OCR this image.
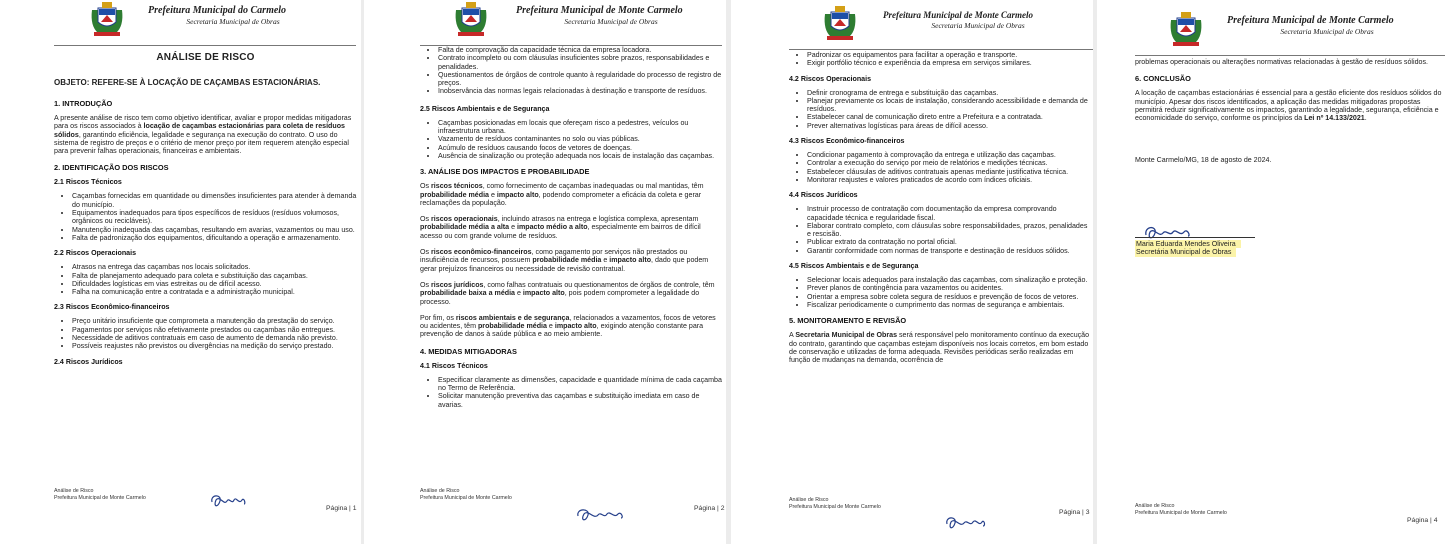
Prefeitura Municipal do Carmelo
Secretaria Municipal de Obras
ANÁLISE DE RISCO
OBJETO: REFERE-SE À LOCAÇÃO DE CAÇAMBAS ESTACIONÁRIAS.
1. INTRODUÇÃO

A presente análise de risco tem como objetivo identificar, avaliar e propor medidas mitigadoras para os riscos associados à locação de caçambas estacionárias para coleta de resíduos sólidos, garantindo eficiência, legalidade e segurança na execução do contrato. O uso do sistema de registro de preços e o critério de menor preço por item requerem atenção especial para prevenir falhas operacionais, financeiras e ambientais.

2. IDENTIFICAÇÃO DOS RISCOS
2.1 Riscos Técnicos
• Caçambas fornecidas em quantidade ou dimensões insuficientes para atender à demanda do município.
• Equipamentos inadequados para tipos específicos de resíduos (resíduos volumosos, orgânicos ou recicláveis).
• Manutenção inadequada das caçambas, resultando em avarias, vazamentos ou mau uso.
• Falta de padronização dos equipamentos, dificultando a operação e armazenamento.
2.2 Riscos Operacionais
• Atrasos na entrega das caçambas nos locais solicitados.
• Falta de planejamento adequado para coleta e substituição das caçambas.
• Dificuldades logísticas em vias estreitas ou de difícil acesso.
• Falha na comunicação entre a contratada e a administração municipal.
2.3 Riscos Econômico-financeiros
• Preço unitário insuficiente que comprometa a manutenção da prestação do serviço.
• Pagamentos por serviços não efetivamente prestados ou caçambas não entregues.
• Necessidade de aditivos contratuais em caso de aumento de demanda não previsto.
• Possíveis reajustes não previstos ou divergências na medição do serviço prestado.
2.4 Riscos Jurídicos
Análise de Risco
Prefeitura Municipal de Monte Carmelo
Página | 1
Prefeitura Municipal de Monte Carmelo
Secretaria Municipal de Obras
• Falta de comprovação da capacidade técnica da empresa locadora.
• Contrato incompleto ou com cláusulas insuficientes sobre prazos, responsabilidades e penalidades.
• Questionamentos de órgãos de controle quanto à regularidade do processo de registro de preços.
• Inobservância das normas legais relacionadas à destinação e transporte de resíduos.
2.5 Riscos Ambientais e de Segurança
• Caçambas posicionadas em locais que ofereçam risco a pedestres, veículos ou infraestrutura urbana.
• Vazamento de resíduos contaminantes no solo ou vias públicas.
• Acúmulo de resíduos causando focos de vetores de doenças.
• Ausência de sinalização ou proteção adequada nos locais de instalação das caçambas.
3. ANÁLISE DOS IMPACTOS E PROBABILIDADE

Os riscos técnicos, como fornecimento de caçambas inadequadas ou mal mantidas, têm probabilidade média e impacto alto, podendo comprometer a eficácia da coleta e gerar reclamações da população.

Os riscos operacionais, incluindo atrasos na entrega e logística complexa, apresentam probabilidade média a alta e impacto médio a alto, especialmente em bairros de difícil acesso ou com grande volume de resíduos.

Os riscos econômico-financeiros, como pagamento por serviços não prestados ou insuficiência de recursos, possuem probabilidade média e impacto alto, dado que podem gerar prejuízos financeiros ou necessidade de revisão contratual.

Os riscos jurídicos, como falhas contratuais ou questionamentos de órgãos de controle, têm probabilidade baixa a média e impacto alto, pois podem comprometer a legalidade do processo.

Por fim, os riscos ambientais e de segurança, relacionados a vazamentos, focos de vetores ou acidentes, têm probabilidade média e impacto alto, exigindo atenção constante para prevenção de danos à saúde pública e ao meio ambiente.

4. MEDIDAS MITIGADORAS
4.1 Riscos Técnicos
• Especificar claramente as dimensões, capacidade e quantidade mínima de cada caçamba no Termo de Referência.
• Solicitar manutenção preventiva das caçambas e substituição imediata em caso de avarias.
Análise de Risco
Prefeitura Municipal de Monte Carmelo
Página | 2
Prefeitura Municipal de Monte Carmelo
Secretaria Municipal de Obras
• Padronizar os equipamentos para facilitar a operação e transporte.
• Exigir portfólio técnico e experiência da empresa em serviços similares.
4.2 Riscos Operacionais
• Definir cronograma de entrega e substituição das caçambas.
• Planejar previamente os locais de instalação, considerando acessibilidade e demanda de resíduos.
• Estabelecer canal de comunicação direto entre a Prefeitura e a contratada.
• Prever alternativas logísticas para áreas de difícil acesso.
4.3 Riscos Econômico-financeiros
• Condicionar pagamento à comprovação da entrega e utilização das caçambas.
• Controlar a execução do serviço por meio de relatórios e medições técnicas.
• Estabelecer cláusulas de aditivos contratuais apenas mediante justificativa técnica.
• Monitorar reajustes e valores praticados de acordo com índices oficiais.
4.4 Riscos Jurídicos
• Instruir processo de contratação com documentação da empresa comprovando capacidade técnica e regularidade fiscal.
• Elaborar contrato completo, com cláusulas sobre responsabilidades, prazos, penalidades e rescisão.
• Publicar extrato da contratação no portal oficial.
• Garantir conformidade com normas de transporte e destinação de resíduos sólidos.
4.5 Riscos Ambientais e de Segurança
• Selecionar locais adequados para instalação das caçambas, com sinalização e proteção.
• Prever planos de contingência para vazamentos ou acidentes.
• Orientar a empresa sobre coleta segura de resíduos e prevenção de focos de vetores.
• Fiscalizar periodicamente o cumprimento das normas de segurança e ambientais.
5. MONITORAMENTO E REVISÃO

A Secretaria Municipal de Obras será responsável pelo monitoramento contínuo da execução do contrato, garantindo que caçambas estejam disponíveis nos locais corretos, em bom estado de conservação e utilizadas de forma adequada. Revisões periódicas serão realizadas em função de mudanças na demanda, ocorrência de

Análise de Risco
Prefeitura Municipal de Monte Carmelo
Página | 3
Prefeitura Municipal de Monte Carmelo
Secretaria Municipal de Obras

problemas operacionais ou alterações normativas relacionadas à gestão de resíduos sólidos.

6. CONCLUSÃO

A locação de caçambas estacionárias é essencial para a gestão eficiente dos resíduos sólidos do município. Apesar dos riscos identificados, a aplicação das medidas mitigadoras propostas permitirá reduzir significativamente os impactos, garantindo a legalidade, segurança, eficiência e economicidade do serviço, conforme os princípios da Lei nº 14.133/2021.

Monte Carmelo/MG, 18 de agosto de 2024.

Maria Eduarda Mendes Oliveira
Secretária Municipal de Obras
Análise de Risco
Prefeitura Municipal de Monte Carmelo
Página | 4
